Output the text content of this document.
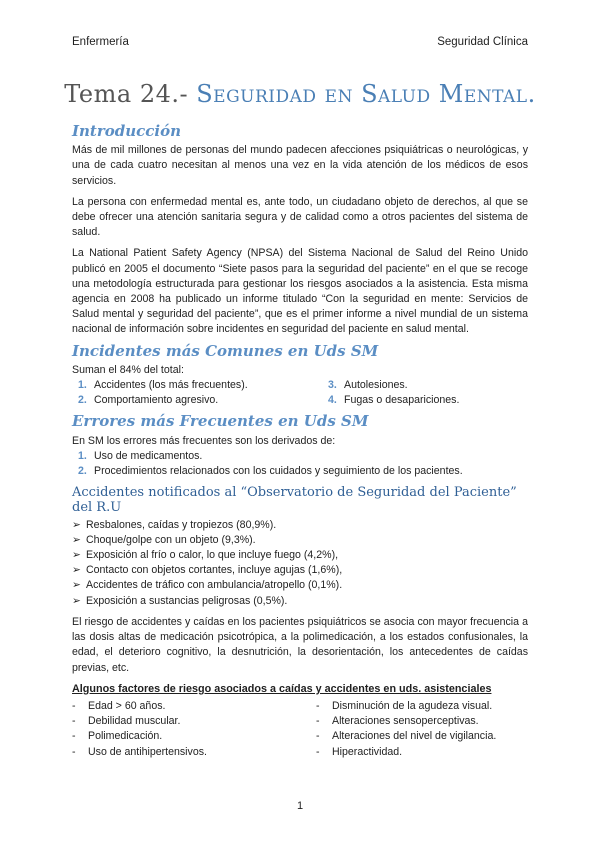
Enfermería	Seguridad Clínica
Tema 24.- Seguridad en Salud Mental.
Introducción

Más de mil millones de personas del mundo padecen afecciones psiquiátricas o neurológicas, y una de cada cuatro necesitan al menos una vez en la vida atención de los médicos de esos servicios.

La persona con enfermedad mental es, ante todo, un ciudadano objeto de derechos, al que se debe ofrecer una atención sanitaria segura y de calidad como a otros pacientes del sistema de salud.

La National Patient Safety Agency (NPSA) del Sistema Nacional de Salud del Reino Unido publicó en 2005 el documento “Siete pasos para la seguridad del paciente” en el que se recoge una metodología estructurada para gestionar los riesgos asociados a la asistencia. Esta misma agencia en 2008 ha publicado un informe titulado “Con la seguridad en mente: Servicios de Salud mental y seguridad del paciente”, que es el primer informe a nivel mundial de un sistema nacional de información sobre incidentes en seguridad del paciente en salud mental.

Incidentes más Comunes en Uds SM
Suman el 84% del total:
1. Accidentes (los más frecuentes).	3. Autolesiones.
2. Comportamiento agresivo.	4. Fugas o desapariciones.
Errores más Frecuentes en Uds SM
En SM los errores más frecuentes son los derivados de:
1. Uso de medicamentos.
2. Procedimientos relacionados con los cuidados y seguimiento de los pacientes.
Accidentes notificados al “Observatorio de Seguridad del Paciente” del R.U
➢ Resbalones, caídas y tropiezos (80,9%).
➢ Choque/golpe con un objeto (9,3%).
➢ Exposición al frío o calor, lo que incluye fuego (4,2%),
➢ Contacto con objetos cortantes, incluye agujas (1,6%),
➢ Accidentes de tráfico con ambulancia/atropello (0,1%).
➢ Exposición a sustancias peligrosas (0,5%).

El riesgo de accidentes y caídas en los pacientes psiquiátricos se asocia con mayor frecuencia a las dosis altas de medicación psicotrópica, a la polimedicación, a los estados confusionales, la edad, el deterioro cognitivo, la desnutrición, la desorientación, los antecedentes de caídas previas, etc.

Algunos factores de riesgo asociados a caídas y accidentes en uds. asistenciales
-	Edad > 60 años.	-	Disminución de la agudeza visual.
-	Debilidad muscular.	-	Alteraciones sensoperceptivas.
-	Polimedicación.	-	Alteraciones del nivel de vigilancia.
-	Uso de antihipertensivos.	-	Hiperactividad.
1
